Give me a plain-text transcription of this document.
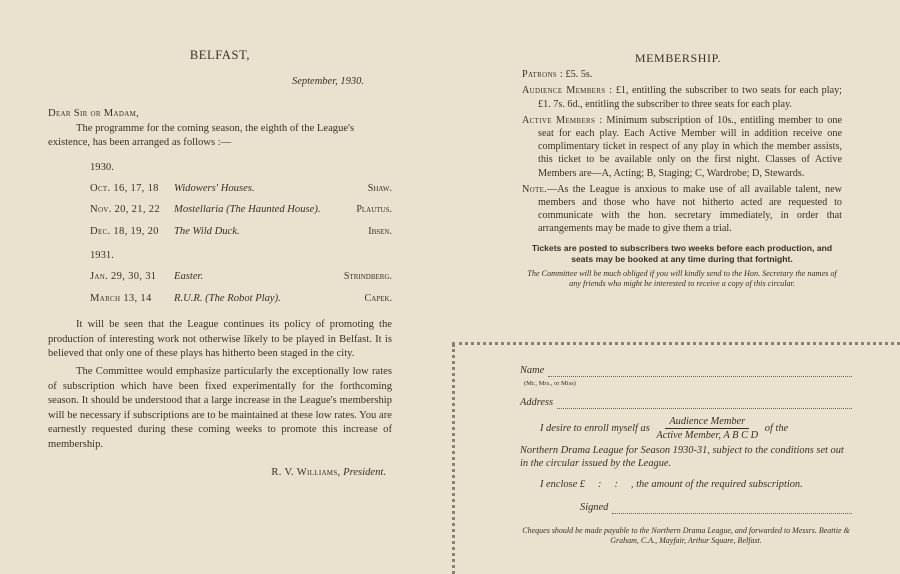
BELFAST,
September, 1930.
Dear Sir or Madam,
The programme for the coming season, the eighth of the League's existence, has been arranged as follows :—
1930.
Oct. 16, 17, 18	Widowers' Houses.	Shaw.
Nov. 20, 21, 22	Mostellaria (The Haunted House).	Plautus.
Dec. 18, 19, 20	The Wild Duck.	Ibsen.
1931.
Jan. 29, 30, 31	Easter.	Strindberg.
March 13, 14	R.U.R. (The Robot Play).	Capek.
It will be seen that the League continues its policy of promoting the production of interesting work not otherwise likely to be played in Belfast. It is believed that only one of these plays has hitherto been staged in the city.
The Committee would emphasize particularly the exceptionally low rates of subscription which have been fixed experimentally for the forthcoming season. It should be understood that a large increase in the League's membership will be necessary if subscriptions are to be maintained at these low rates. You are earnestly requested during these coming weeks to promote this increase of membership.
R. V. Williams, President.
MEMBERSHIP.
Patrons : £5. 5s.
Audience Members : £1, entitling the subscriber to two seats for each play; £1. 7s. 6d., entitling the subscriber to three seats for each play.
Active Members : Minimum subscription of 10s., entitling member to one seat for each play. Each Active Member will in addition receive one complimentary ticket in respect of any play in which the member assists, this ticket to be available only on the first night. Classes of Active Members are—A, Acting; B, Staging; C, Wardrobe; D, Stewards.
Note.—As the League is anxious to make use of all available talent, new members and those who have not hitherto acted are requested to communicate with the hon. secretary immediately, in order that arrangements may be made to give them a trial.
Tickets are posted to subscribers two weeks before each production, and seats may be booked at any time during that fortnight.
The Committee will be much obliged if you will kindly send to the Hon. Secretary the names of any friends who might be interested to receive a copy of this circular.
Name
(Mr., Mrs., or Miss)
Address
I desire to enroll myself as $\frac{\text{Audience Member}}{\text{Active Member, A B C D}}$ of the
Northern Drama League for Season 1930-31, subject to the conditions set out in the circular issued by the League.
I enclose £     :     :     , the amount of the required subscription.
Signed
Cheques should be made payable to the Northern Drama League, and forwarded to Messrs. Beattie & Graham, C.A., Mayfair, Arthur Square, Belfast.
